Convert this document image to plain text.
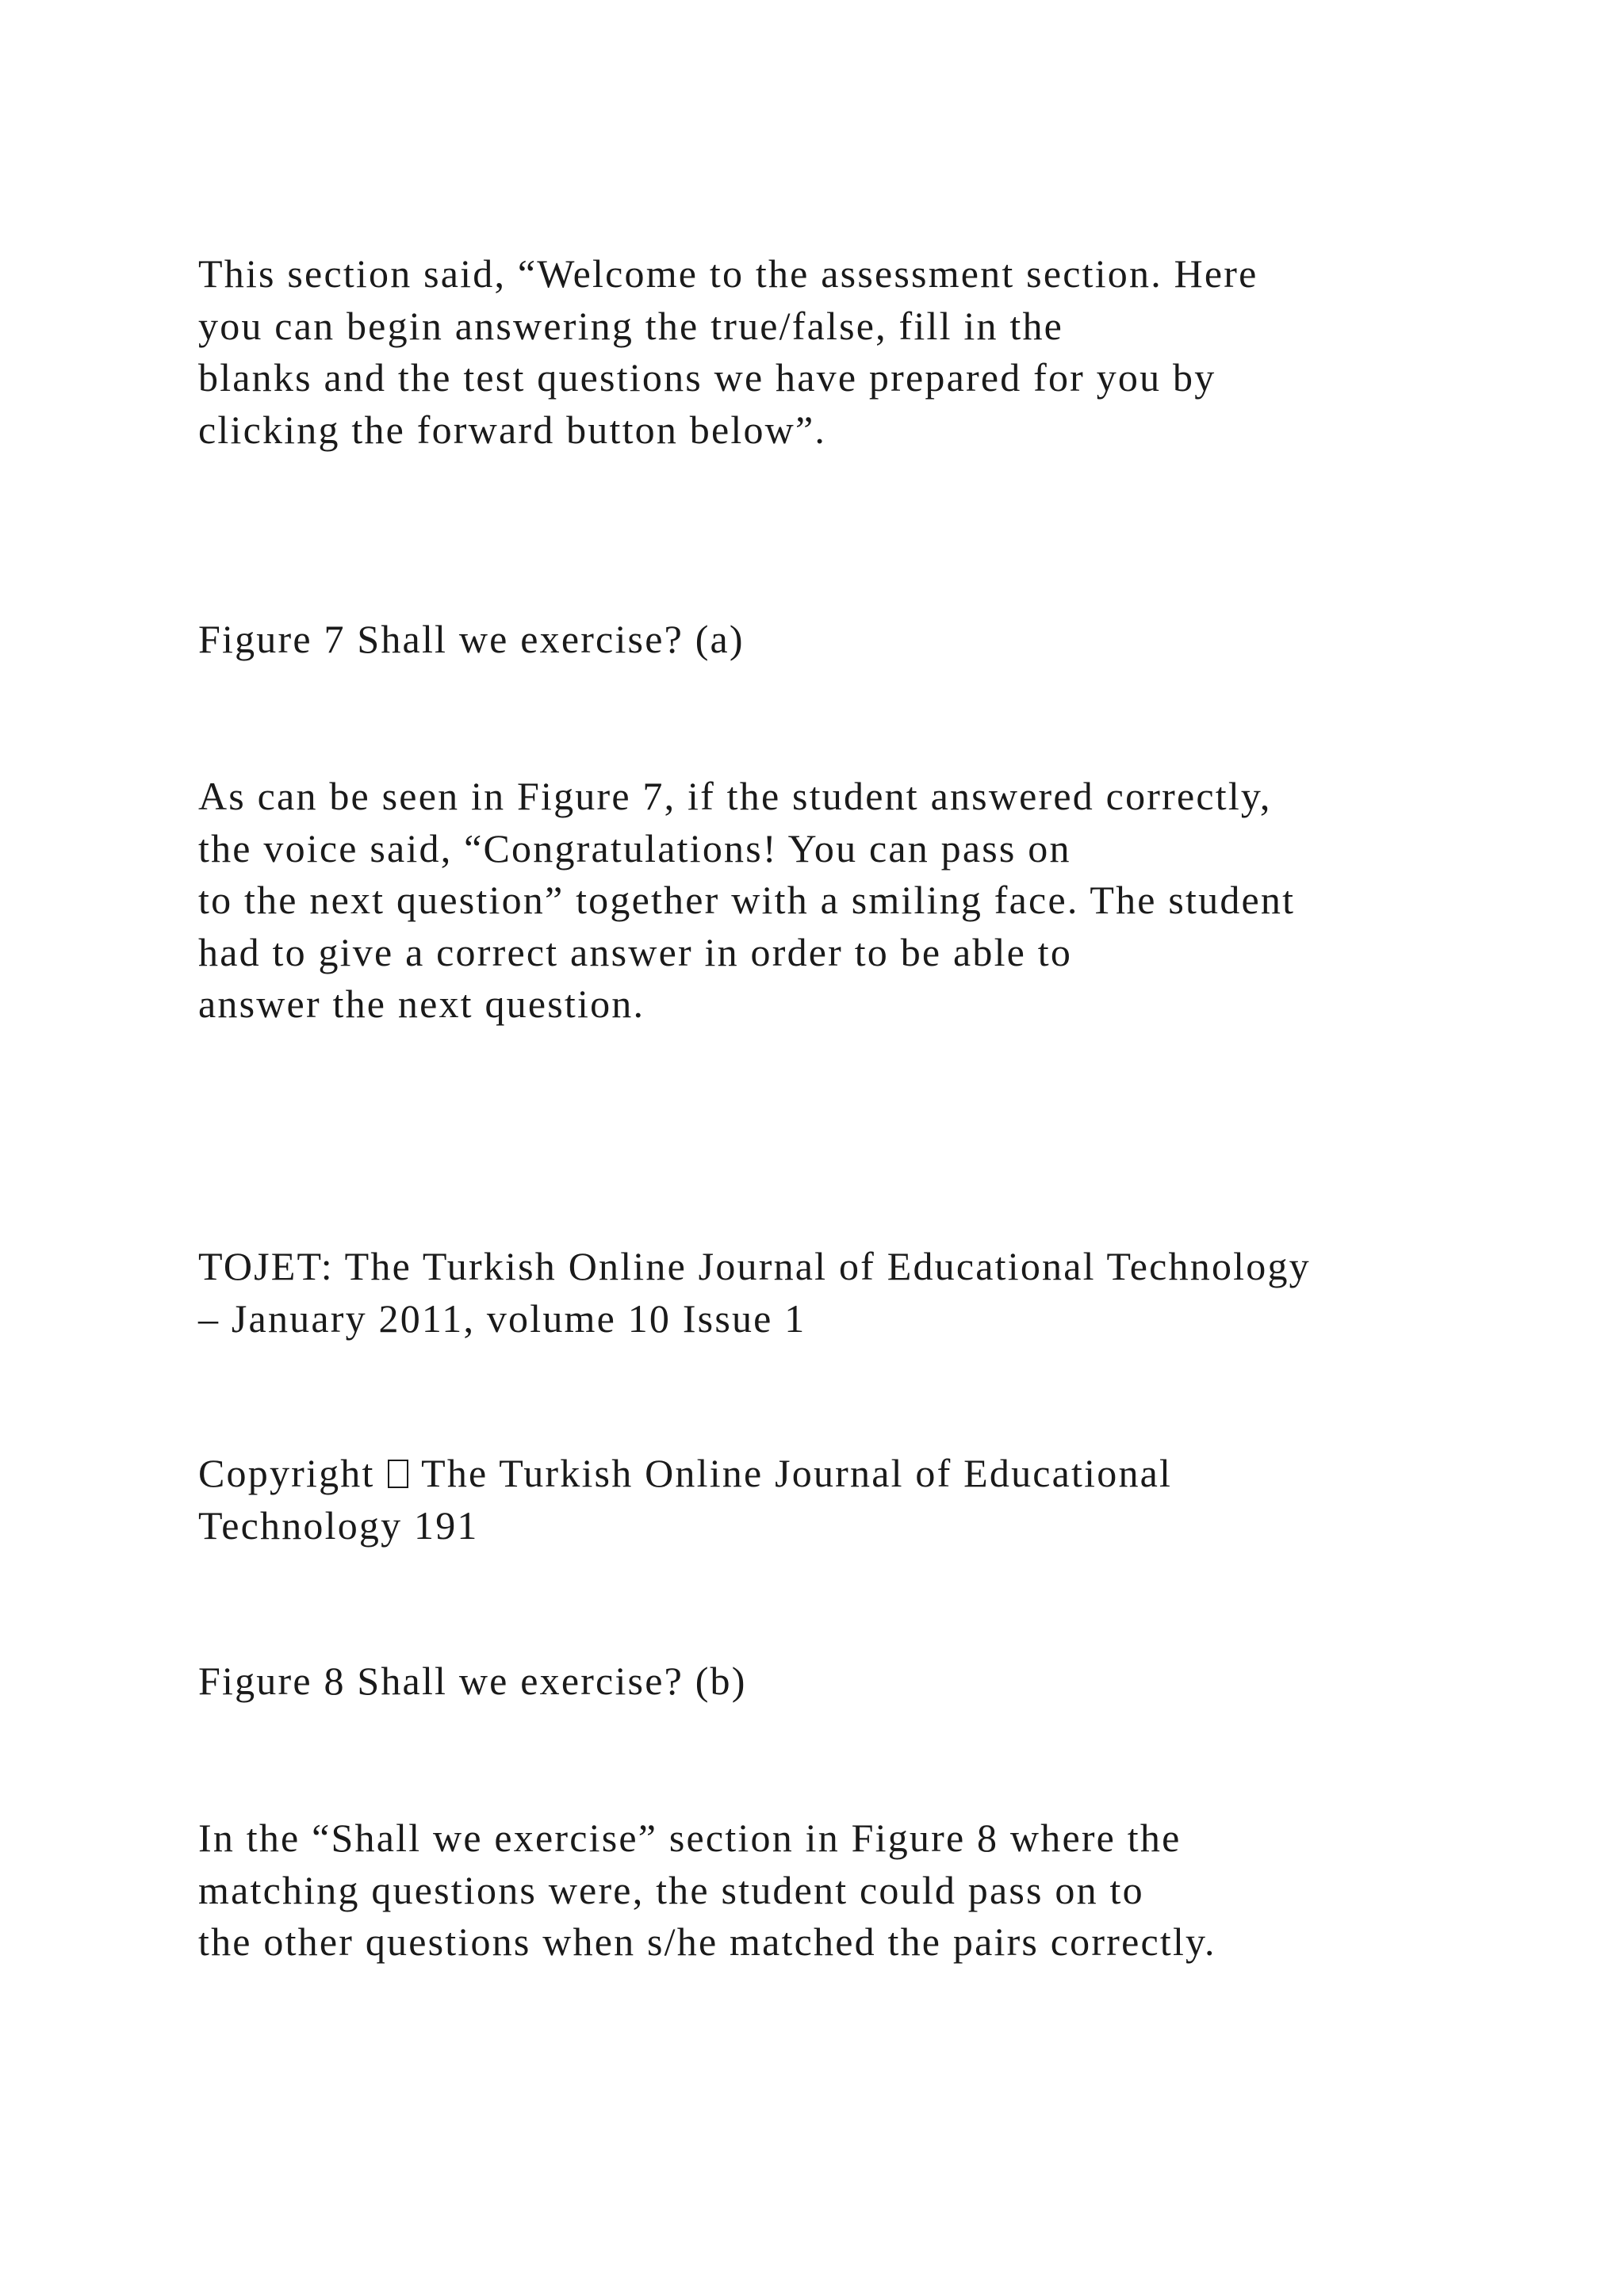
This section said, “Welcome to the assessment section. Here
you can begin answering the true/false, fill in the
blanks and the test questions we have prepared for you by
clicking the forward button below”.
Figure 7 Shall we exercise? (a)
As can be seen in Figure 7, if the student answered correctly,
the voice said, “Congratulations! You can pass on
to the next question” together with a smiling face. The student
had to give a correct answer in order to be able to
answer the next question.
TOJET: The Turkish Online Journal of Educational Technology
– January 2011, volume 10 Issue 1
Copyright The Turkish Online Journal of Educational
Technology 191
Figure 8 Shall we exercise? (b)
In the “Shall we exercise” section in Figure 8 where the
matching questions were, the student could pass on to
the other questions when s/he matched the pairs correctly.
